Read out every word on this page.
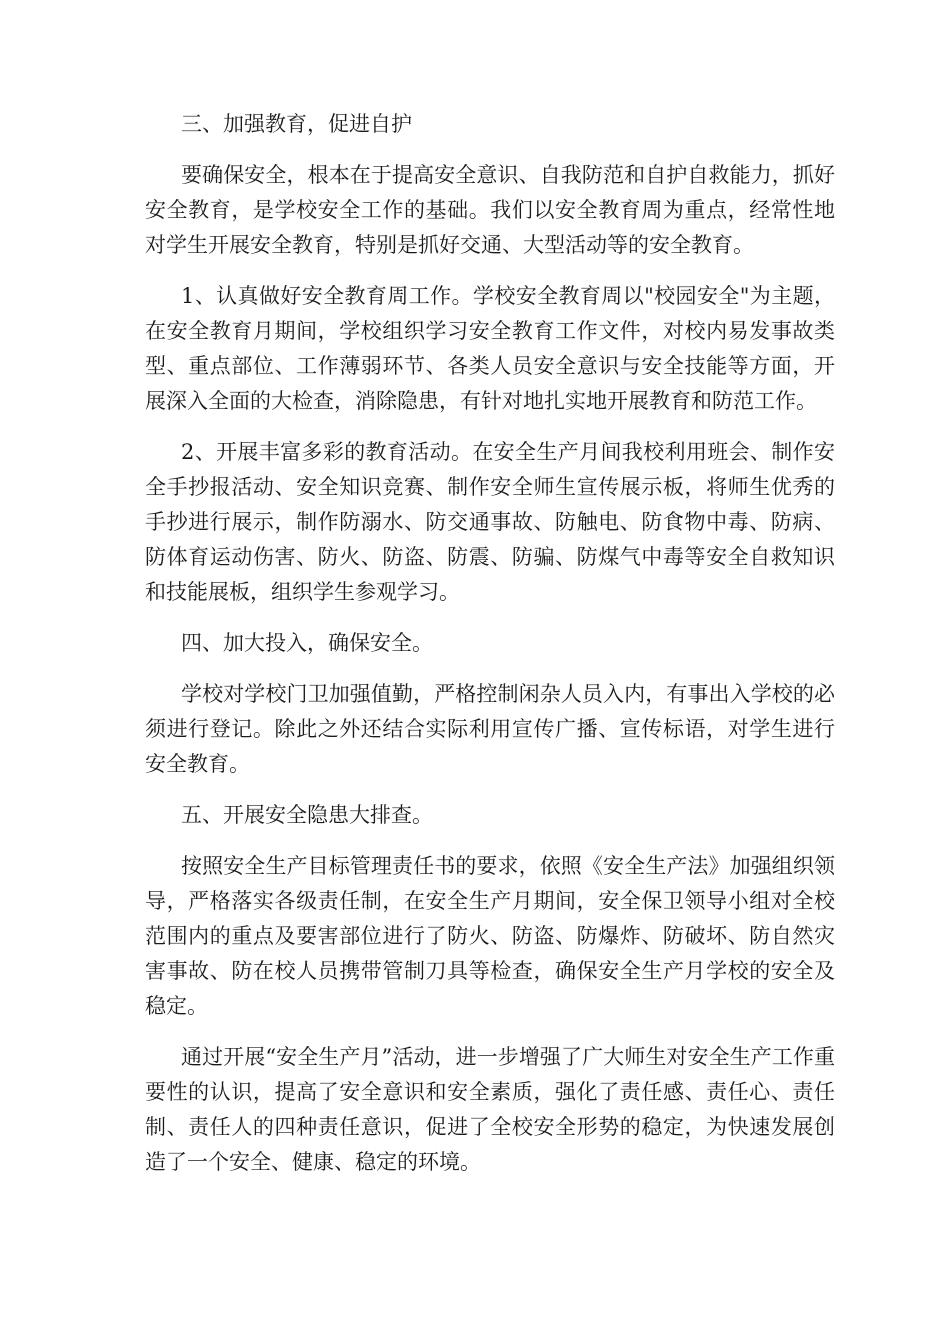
三、加强教育，促进自护

要确保安全，根本在于提高安全意识、自我防范和自护自救能力，抓好安全教育，是学校安全工作的基础。我们以安全教育周为重点，经常性地对学生开展安全教育，特别是抓好交通、大型活动等的安全教育。

1、认真做好安全教育周工作。学校安全教育周以"校园安全"为主题，在安全教育月期间，学校组织学习安全教育工作文件，对校内易发事故类型、重点部位、工作薄弱环节、各类人员安全意识与安全技能等方面，开展深入全面的大检查，消除隐患，有针对地扎实地开展教育和防范工作。

2、开展丰富多彩的教育活动。在安全生产月间我校利用班会、制作安全手抄报活动、安全知识竞赛、制作安全师生宣传展示板，将师生优秀的手抄进行展示，制作防溺水、防交通事故、防触电、防食物中毒、防病、防体育运动伤害、防火、防盗、防震、防骗、防煤气中毒等安全自救知识和技能展板，组织学生参观学习。

四、加大投入，确保安全。

学校对学校门卫加强值勤，严格控制闲杂人员入内，有事出入学校的必须进行登记。除此之外还结合实际利用宣传广播、宣传标语，对学生进行安全教育。

五、开展安全隐患大排查。

按照安全生产目标管理责任书的要求，依照《安全生产法》加强组织领导，严格落实各级责任制，在安全生产月期间，安全保卫领导小组对全校范围内的重点及要害部位进行了防火、防盗、防爆炸、防破坏、防自然灾害事故、防在校人员携带管制刀具等检查，确保安全生产月学校的安全及稳定。

通过开展“安全生产月”活动，进一步增强了广大师生对安全生产工作重要性的认识，提高了安全意识和安全素质，强化了责任感、责任心、责任制、责任人的四种责任意识，促进了全校安全形势的稳定，为快速发展创造了一个安全、健康、稳定的环境。
